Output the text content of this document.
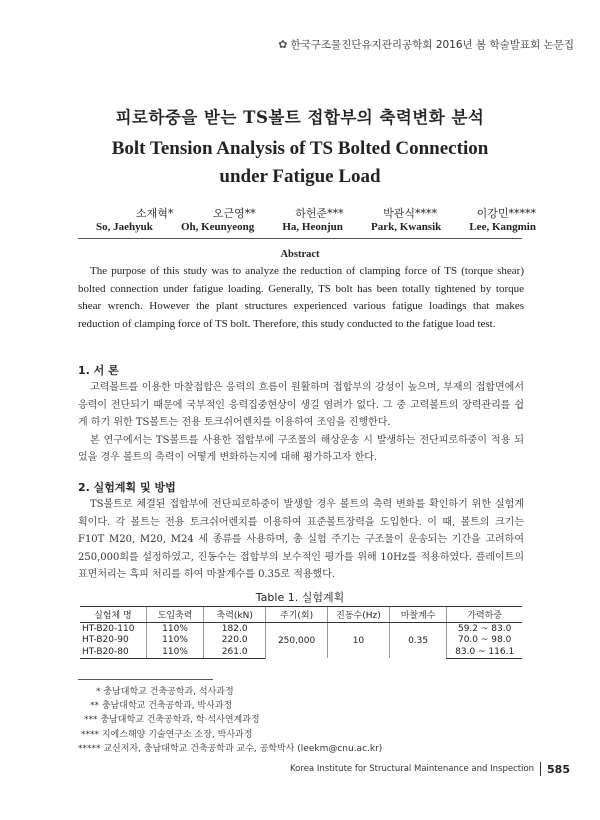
✿ 한국구조물진단유지관리공학회 2016년 봄 학술발표회 논문집
피로하중을 받는 TS볼트 접합부의 축력변화 분석
Bolt Tension Analysis of TS Bolted Connection
under Fatigue Load
소재혁*	오근영**	하헌준***	박관식****	이강민*****
So, Jaehyuk	Oh, Keunyeong	Ha, Heonjun	Park, Kwansik	Lee, Kangmin
Abstract
The purpose of this study was to analyze the reduction of clamping force of TS (torque shear) bolted connection under fatigue loading. Generally, TS bolt has been totally tightened by torque shear wrench. However the plant structures experienced various fatigue loadings that makes reduction of clamping force of TS bolt. Therefore, this study conducted to the fatigue load test.
1. 서 론

고력볼트를 이용한 마찰접합은 응력의 흐름이 원활하며 접합부의 강성이 높으며, 부재의 접합면에서 응력이 전단되기 때문에 국부적인 응력집중현상이 생길 염려가 없다. 그 중 고력볼트의 장력관리를 쉽게 하기 위한 TS볼트는 전용 토크쉬어렌치를 이용하여 조임을 진행한다.

본 연구에서는 TS볼트를 사용한 접합부에 구조물의 해상운송 시 발생하는 전단피로하중이 적용 되었을 경우 볼트의 축력이 어떻게 변화하는지에 대해 평가하고자 한다.

2. 실험계획 및 방법

TS볼트로 체결된 접합부에 전단피로하중이 발생할 경우 볼트의 축력 변화를 확인하기 위한 실험계획이다. 각 볼트는 전용 토크쉬어렌치를 이용하여 표준볼트장력을 도입한다. 이 때, 볼트의 크기는 F10T M20, M20, M24 세 종류를 사용하며, 총 실험 주기는 구조물이 운송되는 기간을 고려하여 250,000회를 설정하였고, 진동수는 접합부의 보수적인 평가를 위해 10Hz를 적용하였다. 플레이트의 표면처리는 흑피 처리를 하여 마찰계수를 0.35로 적용했다.

Table 1. 실험계획
실험체 명	도입축력	축력(kN)	주기(회)	진동수(Hz)	마찰계수	가력하중
HT-B20-110	110%	182.0	250,000	10	0.35	59.2 ~ 83.0
HT-B20-90	110%	220.0				70.0 ~ 98.0
HT-B20-80	110%	261.0				83.0 ~ 116.1
* 충남대학교 건축공학과, 석사과정
** 충남대학교 건축공학과, 박사과정
*** 충남대학교 건축공학과, 학·석사연계과정
**** 지에스해양 기술연구소 소장, 박사과정
***** 교신저자, 충남대학교 건축공학과 교수, 공학박사 (leekm@cnu.ac.kr)
Korea Institute for Structural Maintenance and Inspection 585
